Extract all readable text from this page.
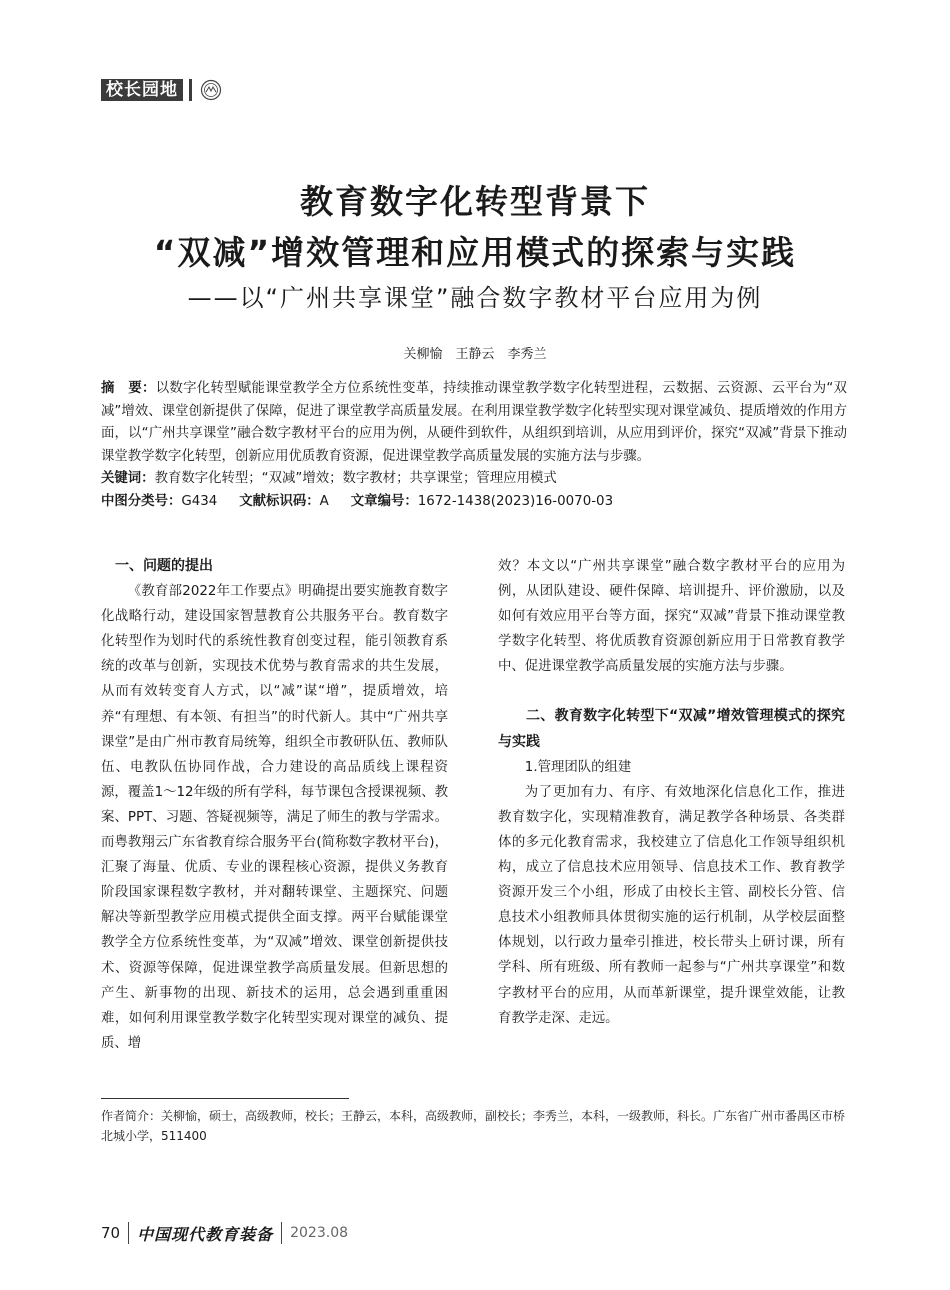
校长园地
教育数字化转型背景下
“双减”增效管理和应用模式的探索与实践
——以“广州共享课堂”融合数字教材平台应用为例
关柳愉　王静云　李秀兰

摘　要：以数字化转型赋能课堂教学全方位系统性变革，持续推动课堂教学数字化转型进程，云数据、云资源、云平台为“双减”增效、课堂创新提供了保障，促进了课堂教学高质量发展。在利用课堂教学数字化转型实现对课堂减负、提质增效的作用方面，以“广州共享课堂”融合数字教材平台的应用为例，从硬件到软件，从组织到培训，从应用到评价，探究“双减”背景下推动课堂教学数字化转型，创新应用优质教育资源，促进课堂教学高质量发展的实施方法与步骤。

关键词：教育数字化转型；“双减”增效；数字教材；共享课堂；管理应用模式

中图分类号：G434 文献标识码：A 文章编号：1672-1438(2023)16-0070-03

一、问题的提出

《教育部2022年工作要点》明确提出要实施教育数字化战略行动，建设国家智慧教育公共服务平台。教育数字化转型作为划时代的系统性教育创变过程，能引领教育系统的改革与创新，实现技术优势与教育需求的共生发展，从而有效转变育人方式，以“减”谋“增”，提质增效，培养“有理想、有本领、有担当”的时代新人。其中“广州共享课堂”是由广州市教育局统筹，组织全市教研队伍、教师队伍、电教队伍协同作战，合力建设的高品质线上课程资源，覆盖1～12年级的所有学科，每节课包含授课视频、教案、PPT、习题、答疑视频等，满足了师生的教与学需求。而粤教翔云广东省教育综合服务平台(简称数字教材平台)，汇聚了海量、优质、专业的课程核心资源，提供义务教育阶段国家课程数字教材，并对翻转课堂、主题探究、问题解决等新型教学应用模式提供全面支撑。两平台赋能课堂教学全方位系统性变革，为“双减”增效、课堂创新提供技术、资源等保障，促进课堂教学高质量发展。但新思想的产生、新事物的出现、新技术的运用，总会遇到重重困难，如何利用课堂教学数字化转型实现对课堂的减负、提质、增

效？本文以“广州共享课堂”融合数字教材平台的应用为例，从团队建设、硬件保障、培训提升、评价激励，以及如何有效应用平台等方面，探究“双减”背景下推动课堂教学数字化转型、将优质教育资源创新应用于日常教育教学中、促进课堂教学高质量发展的实施方法与步骤。

二、教育数字化转型下“双减”增效管理模式的探究与实践

1.管理团队的组建

为了更加有力、有序、有效地深化信息化工作，推进教育数字化，实现精准教育，满足教学各种场景、各类群体的多元化教育需求，我校建立了信息化工作领导组织机构，成立了信息技术应用领导、信息技术工作、教育教学资源开发三个小组，形成了由校长主管、副校长分管、信息技术小组教师具体贯彻实施的运行机制，从学校层面整体规划，以行政力量牵引推进，校长带头上研讨课，所有学科、所有班级、所有教师一起参与“广州共享课堂”和数字教材平台的应用，从而革新课堂，提升课堂效能，让教育教学走深、走远。

作者简介：关柳愉，硕士，高级教师，校长；王静云，本科，高级教师，副校长；李秀兰，本科，一级教师，科长。广东省广州市番禺区市桥北城小学，511400
70 中国现代教育装备 2023.08
